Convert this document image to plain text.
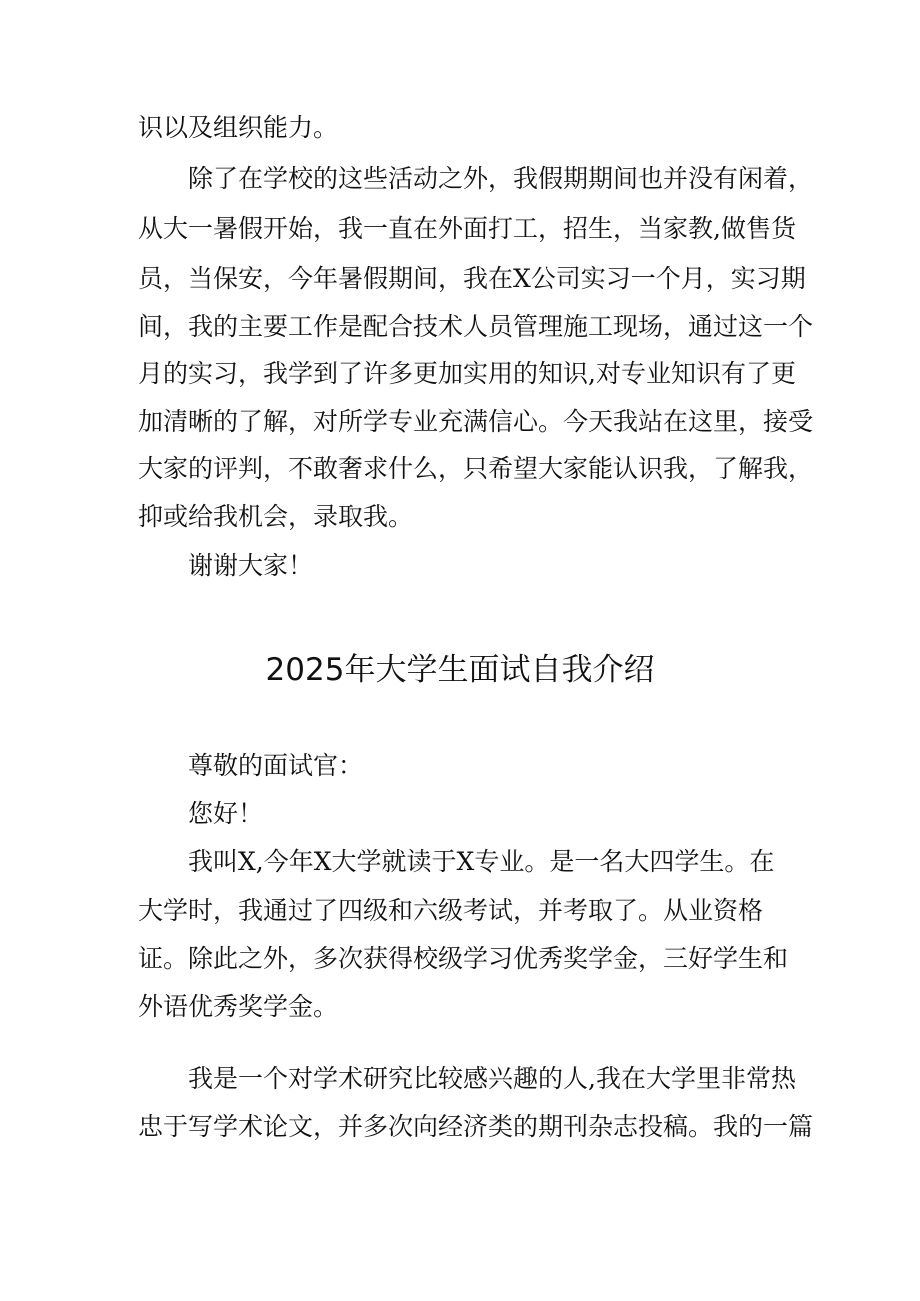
识以及组织能力。
除了在学校的这些活动之外，我假期期间也并没有闲着，
从大一暑假开始，我一直在外面打工，招生，当家教,做售货
员，当保安，今年暑假期间，我在X公司实习一个月，实习期
间，我的主要工作是配合技术人员管理施工现场，通过这一个
月的实习，我学到了许多更加实用的知识,对专业知识有了更
加清晰的了解，对所学专业充满信心。今天我站在这里，接受
大家的评判，不敢奢求什么，只希望大家能认识我，了解我，
抑或给我机会，录取我。
谢谢大家！
2025年大学生面试自我介绍
尊敬的面试官：
您好！
我叫X,今年X大学就读于X专业。是一名大四学生。在
大学时，我通过了四级和六级考试，并考取了。从业资格
证。除此之外，多次获得校级学习优秀奖学金，三好学生和
外语优秀奖学金。
我是一个对学术研究比较感兴趣的人,我在大学里非常热
忠于写学术论文，并多次向经济类的期刊杂志投稿。我的一篇
